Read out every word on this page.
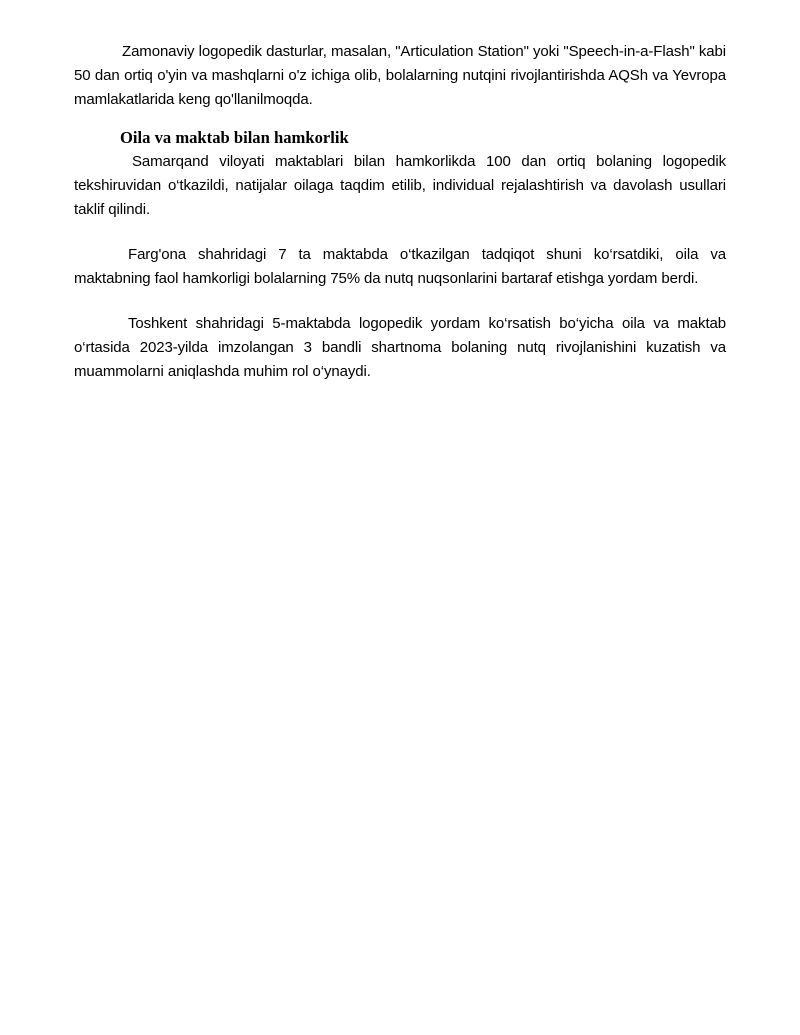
Zamonaviy logopedik dasturlar, masalan, "Articulation Station" yoki "Speech-in-a-Flash" kabi 50 dan ortiq o'yin va mashqlarni o'z ichiga olib, bolalarning nutqini rivojlantirishda AQSh va Yevropa mamlakatlarida keng qo'llanilmoqda.

Oila va maktab bilan hamkorlik

Samarqand viloyati maktablari bilan hamkorlikda 100 dan ortiq bolaning logopedik tekshiruvidan o‘tkazildi, natijalar oilaga taqdim etilib, individual rejalashtirish va davolash usullari taklif qilindi.

Farg'ona shahridagi 7 ta maktabda o‘tkazilgan tadqiqot shuni ko‘rsatdiki, oila va maktabning faol hamkorligi bolalarning 75% da nutq nuqsonlarini bartaraf etishga yordam berdi.

Toshkent shahridagi 5-maktabda logopedik yordam ko‘rsatish bo‘yicha oila va maktab o‘rtasida 2023-yilda imzolangan 3 bandli shartnoma bolaning nutq rivojlanishini kuzatish va muammolarni aniqlashda muhim rol o‘ynaydi.
